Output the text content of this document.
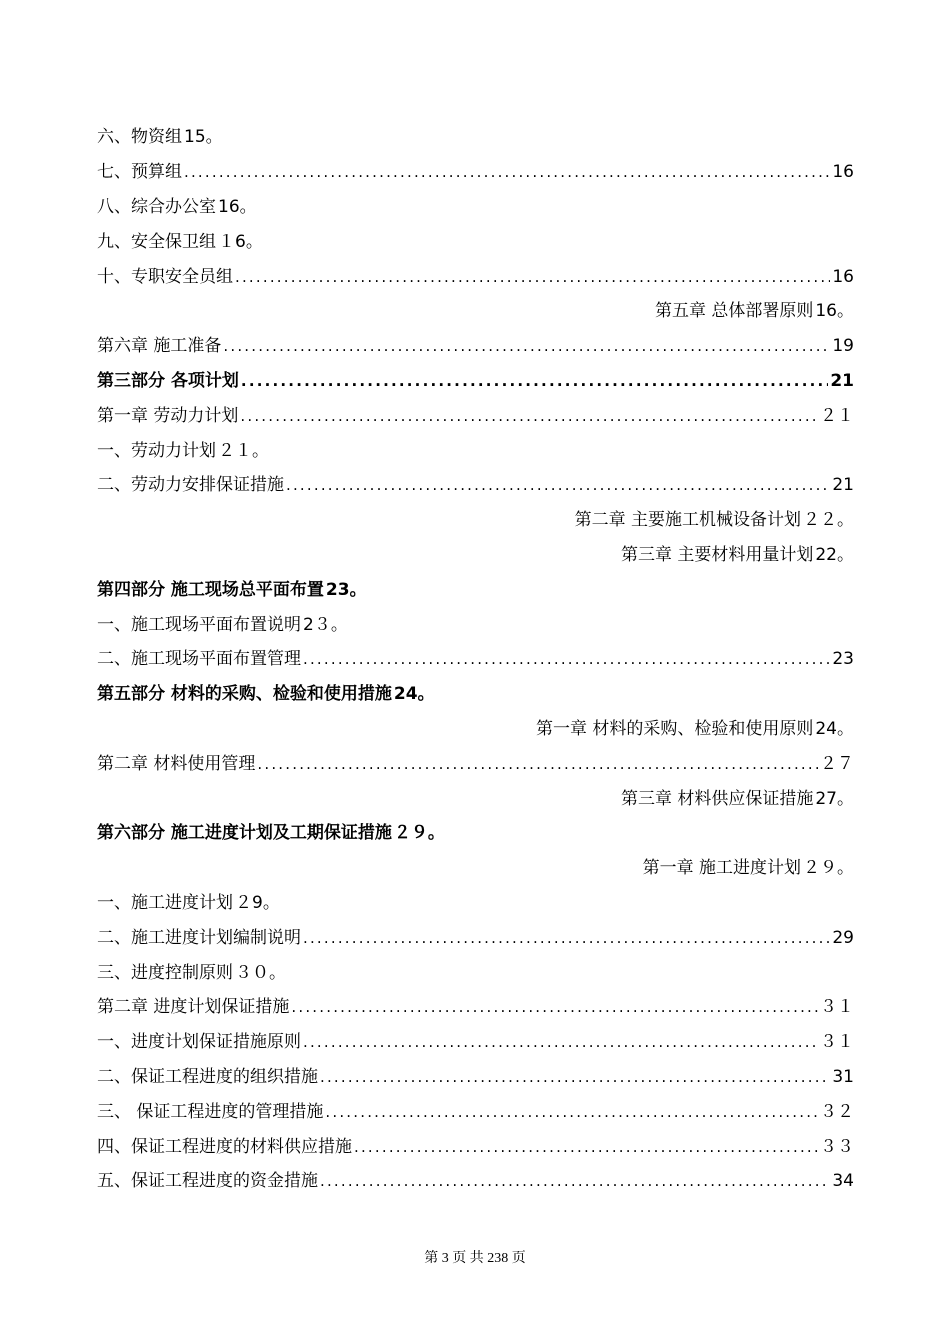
六、物资组 15。
七、预算组 .....	16
八、综合办公室 16。
九、安全保卫组 １6。
十、专职安全员组 .....	16
第五章 总体部署原则 16。
第六章 施工准备 .....	19
第三部分 各项计划 .....	21
第一章 劳动力计划 .....	２１
一、劳动力计划 ２１。
二、劳动力安排保证措施 .....	21
第二章 主要施工机械设备计划 ２２。
第三章 主要材料用量计划 22。
第四部分 施工现场总平面布置 23。
一、施工现场平面布置说明 2３。
二、施工现场平面布置管理 .....	23
第五部分 材料的采购、检验和使用措施 24。
第一章 材料的采购、检验和使用原则 24。
第二章 材料使用管理 .....	２７
第三章 材料供应保证措施 27。
第六部分 施工进度计划及工期保证措施 ２９。
第一章 施工进度计划 ２９。
一、施工进度计划 ２9。
二、施工进度计划编制说明 .....	29
三、进度控制原则 ３０。
第二章 进度计划保证措施 .....	３１
一、进度计划保证措施原则 .....	３１
二、保证工程进度的组织措施 .....	31
三、 保证工程进度的管理措施 .....	３２
四、保证工程进度的材料供应措施 .....	３３
五、保证工程进度的资金措施 .....	34
第 3 页 共 238 页
